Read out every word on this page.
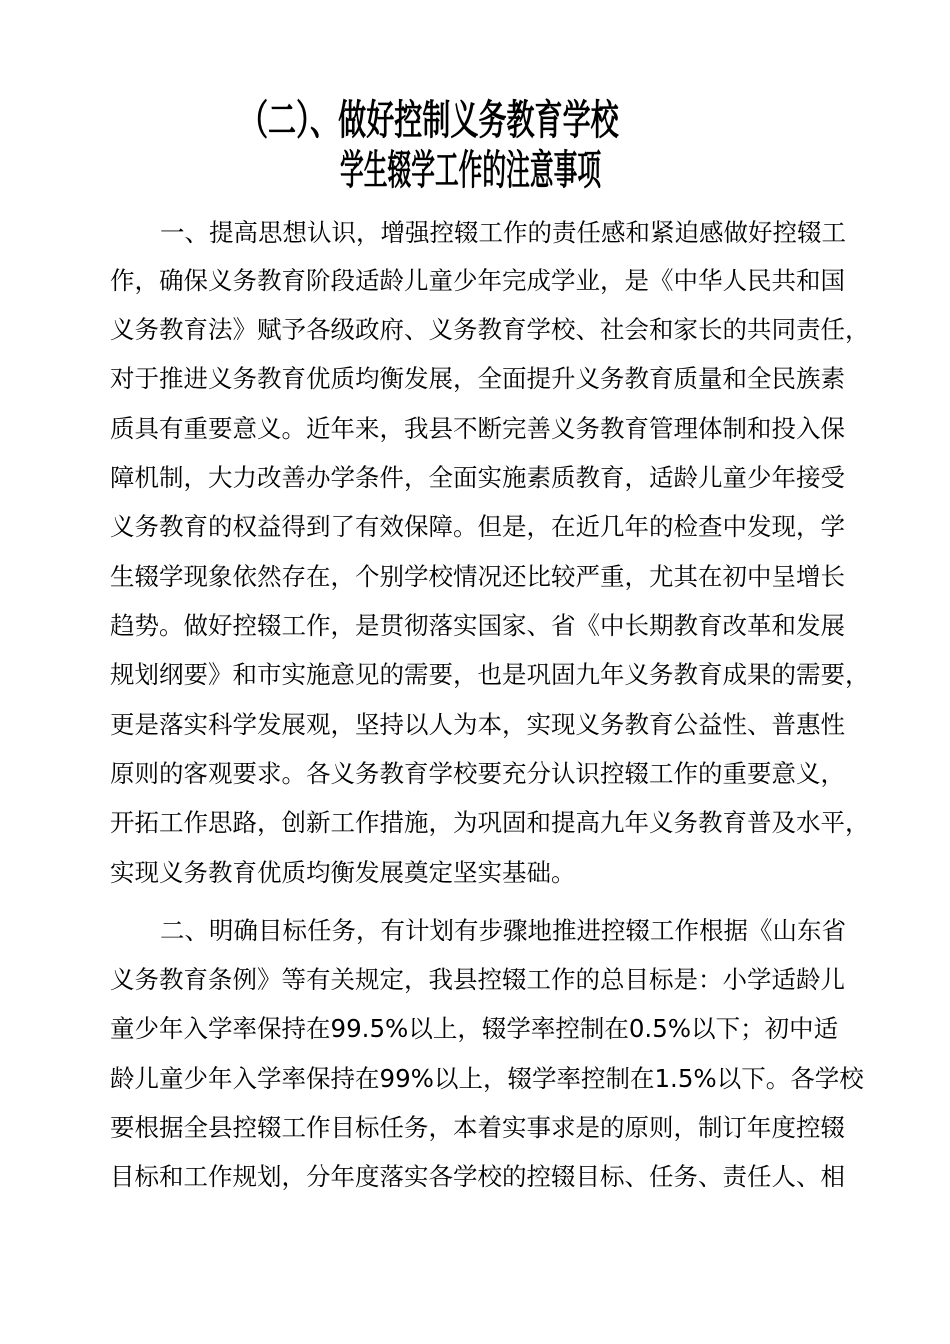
（二）、做好控制义务教育学校
学生辍学工作的注意事项
一、提高思想认识，增强控辍工作的责任感和紧迫感做好控辍工
作，确保义务教育阶段适龄儿童少年完成学业，是《中华人民共和国
义务教育法》赋予各级政府、义务教育学校、社会和家长的共同责任，
对于推进义务教育优质均衡发展，全面提升义务教育质量和全民族素
质具有重要意义。近年来，我县不断完善义务教育管理体制和投入保
障机制，大力改善办学条件，全面实施素质教育，适龄儿童少年接受
义务教育的权益得到了有效保障。但是，在近几年的检查中发现，学
生辍学现象依然存在，个别学校情况还比较严重，尤其在初中呈增长
趋势。做好控辍工作，是贯彻落实国家、省《中长期教育改革和发展
规划纲要》和市实施意见的需要，也是巩固九年义务教育成果的需要，
更是落实科学发展观，坚持以人为本，实现义务教育公益性、普惠性
原则的客观要求。各义务教育学校要充分认识控辍工作的重要意义，
开拓工作思路，创新工作措施，为巩固和提高九年义务教育普及水平，
实现义务教育优质均衡发展奠定坚实基础。
二、明确目标任务，有计划有步骤地推进控辍工作根据《山东省
义务教育条例》等有关规定，我县控辍工作的总目标是：小学适龄儿
童少年入学率保持在99.5%以上，辍学率控制在0.5%以下；初中适
龄儿童少年入学率保持在99%以上，辍学率控制在1.5%以下。各学校
要根据全县控辍工作目标任务，本着实事求是的原则，制订年度控辍
目标和工作规划，分年度落实各学校的控辍目标、任务、责任人、相
